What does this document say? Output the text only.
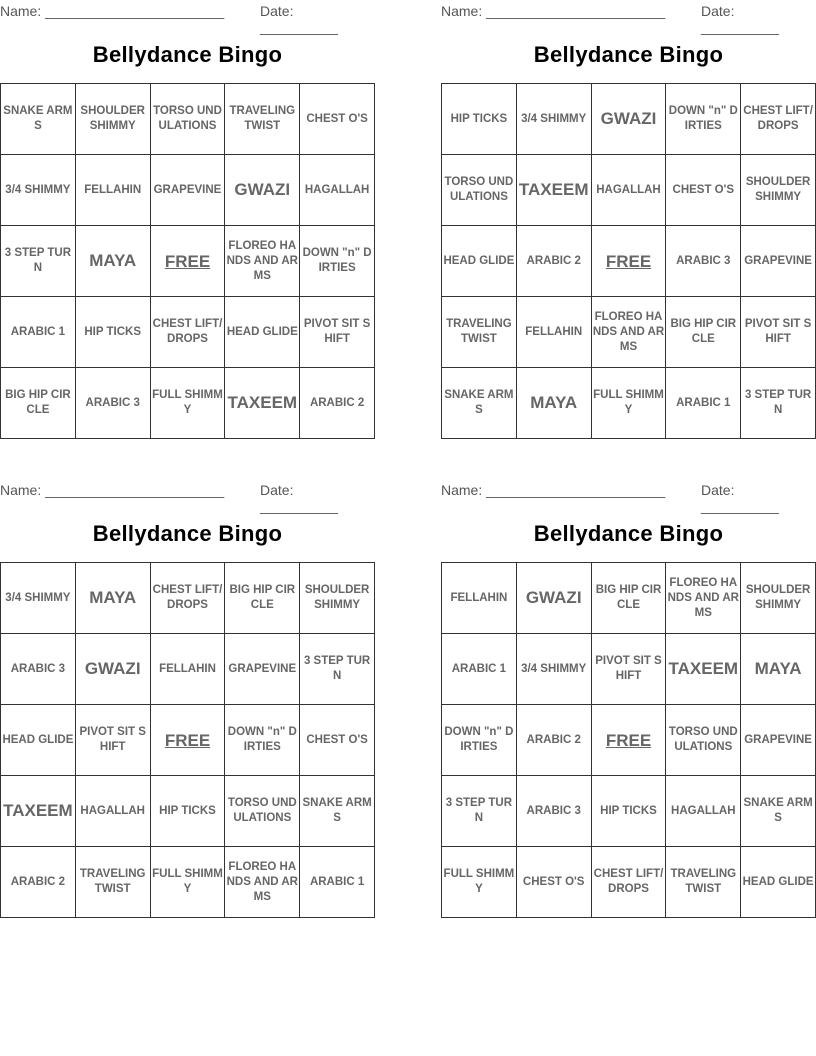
Name: _______________________	Date: __________
Bellydance Bingo
SNAKE ARMS	SHOULDER SHIMMY	TORSO UNDULATIONS	TRAVELING TWIST	CHEST O'S
3/4 SHIMMY	FELLAHIN	GRAPEVINE	GWAZI	HAGALLAH
3 STEP TURN	MAYA	FREE	FLOREO HANDS AND ARMS	DOWN "n" DIRTIES
ARABIC 1	HIP TICKS	CHEST LIFT/DROPS	HEAD GLIDE	PIVOT SIT SHIFT
BIG HIP CIRCLE	ARABIC 3	FULL SHIMMY	TAXEEM	ARABIC 2
Name: _______________________	Date: __________
Bellydance Bingo
HIP TICKS	3/4 SHIMMY	GWAZI	DOWN "n" DIRTIES	CHEST LIFT/DROPS
TORSO UNDULATIONS	TAXEEM	HAGALLAH	CHEST O'S	SHOULDER SHIMMY
HEAD GLIDE	ARABIC 2	FREE	ARABIC 3	GRAPEVINE
TRAVELING TWIST	FELLAHIN	FLOREO HANDS AND ARMS	BIG HIP CIRCLE	PIVOT SIT SHIFT
SNAKE ARMS	MAYA	FULL SHIMMY	ARABIC 1	3 STEP TURN
Name: _______________________	Date: __________
Bellydance Bingo
3/4 SHIMMY	MAYA	CHEST LIFT/DROPS	BIG HIP CIRCLE	SHOULDER SHIMMY
ARABIC 3	GWAZI	FELLAHIN	GRAPEVINE	3 STEP TURN
HEAD GLIDE	PIVOT SIT SHIFT	FREE	DOWN "n" DIRTIES	CHEST O'S
TAXEEM	HAGALLAH	HIP TICKS	TORSO UNDULATIONS	SNAKE ARMS
ARABIC 2	TRAVELING TWIST	FULL SHIMMY	FLOREO HANDS AND ARMS	ARABIC 1
Name: _______________________	Date: __________
Bellydance Bingo
FELLAHIN	GWAZI	BIG HIP CIRCLE	FLOREO HANDS AND ARMS	SHOULDER SHIMMY
ARABIC 1	3/4 SHIMMY	PIVOT SIT SHIFT	TAXEEM	MAYA
DOWN "n" DIRTIES	ARABIC 2	FREE	TORSO UNDULATIONS	GRAPEVINE
3 STEP TURN	ARABIC 3	HIP TICKS	HAGALLAH	SNAKE ARMS
FULL SHIMMY	CHEST O'S	CHEST LIFT/DROPS	TRAVELING TWIST	HEAD GLIDE
